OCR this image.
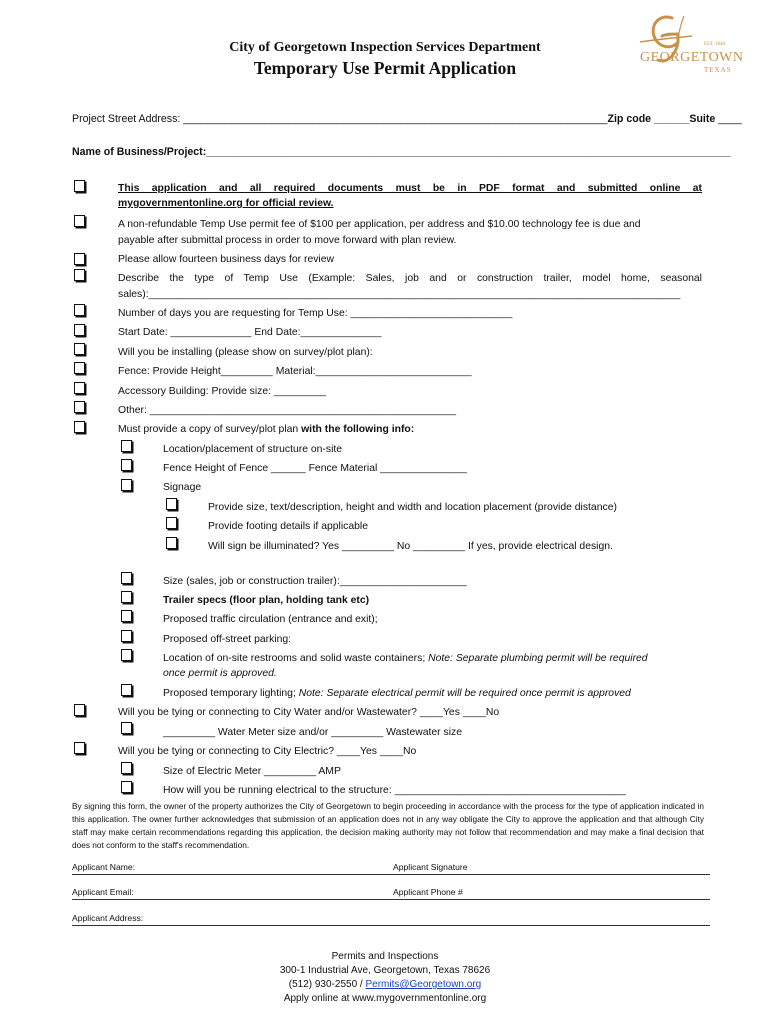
City of Georgetown Inspection Services Department
Temporary Use Permit Application
EST. 1848
GEORGETOWN
TEXAS
Project Street Address: ________________________________________________________________________Zip code ______Suite ____
Name of Business/Project:_________________________________________________________________________________________
This application and all required documents must be in PDF format and submitted online at
mygovernmentonline.org for official review.
A non-refundable Temp Use permit fee of $100 per application, per address and $10.00 technology fee is due and
payable after submittal process in order to move forward with plan review.
Please allow fourteen business days for review
Describe the type of Temp Use (Example: Sales, job and or construction trailer, model home, seasonal
sales):____________________________________________________________________________________________
Number of days you are requesting for Temp Use: ____________________________
Start Date: ______________ End Date:______________
Will you be installing (please show on survey/plot plan):
Fence: Provide Height_________ Material:___________________________
Accessory Building: Provide size: _________
Other: _____________________________________________________
Must provide a copy of survey/plot plan with the following info:
Location/placement of structure on-site
Fence Height of Fence ______ Fence Material _______________
Signage
Provide size, text/description, height and width and location placement (provide distance)
Provide footing details if applicable
Will sign be illuminated? Yes _________ No _________ If yes, provide electrical design.
Size (sales, job or construction trailer):______________________
Trailer specs (floor plan, holding tank etc)
Proposed traffic circulation (entrance and exit);
Proposed off-street parking:
Location of on-site restrooms and solid waste containers; Note: Separate plumbing permit will be required
once permit is approved.
Proposed temporary lighting; Note: Separate electrical permit will be required once permit is approved
Will you be tying or connecting to City Water and/or Wastewater? ____Yes ____No
_________ Water Meter size and/or _________ Wastewater size
Will you be tying or connecting to City Electric? ____Yes ____No
Size of Electric Meter _________ AMP
How will you be running electrical to the structure: ________________________________________
By signing this form, the owner of the property authorizes the City of Georgetown to begin proceeding in accordance with the process for the type of application indicated in this application. The owner further acknowledges that submission of an application does not in any way obligate the City to approve the application and that although City staff may make certain recommendations regarding this application, the decision making authority may not follow that recommendation and may make a final decision that does not conform to the staff's recommendation.
Applicant Name:	Applicant Signature
Applicant Email:	Applicant Phone #
Applicant Address:
Permits and Inspections
300-1 Industrial Ave, Georgetown, Texas 78626
(512) 930-2550 / Permits@Georgetown.org
Apply online at www.mygovernmentonline.org
